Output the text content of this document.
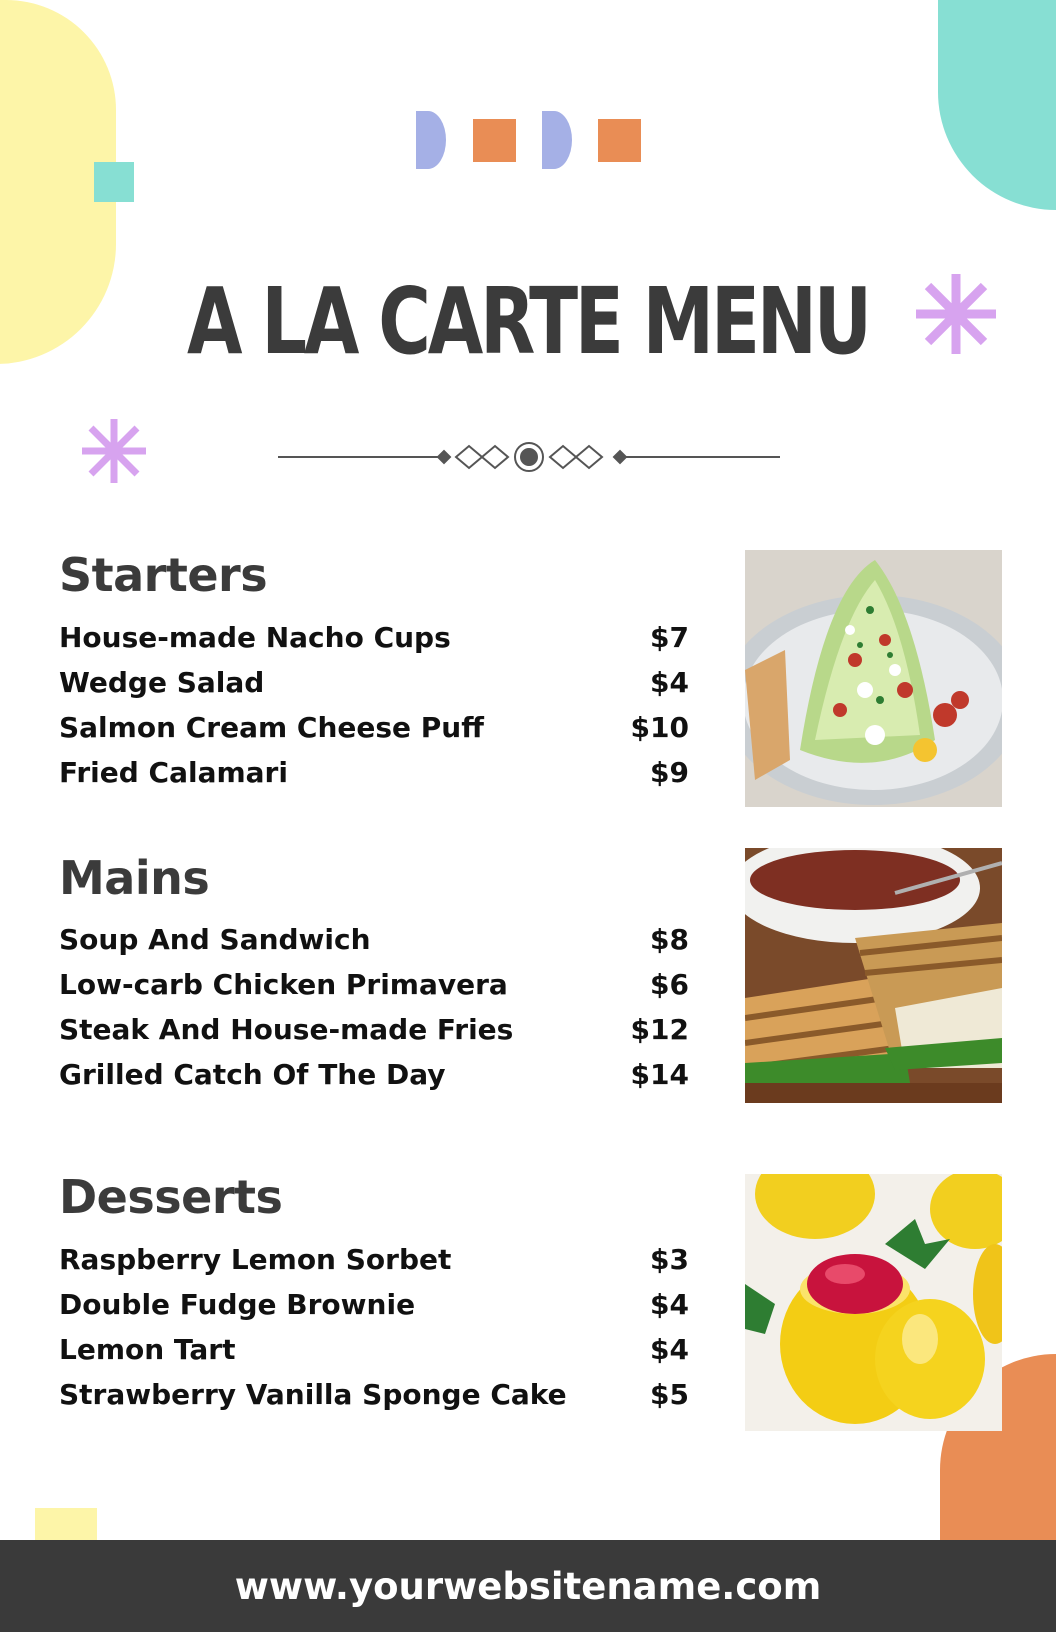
A LA CARTE MENU
Starters
House-made Nacho Cups	$7
Wedge Salad	$4
Salmon Cream Cheese Puff	$10
Fried Calamari	$9
Mains
Soup And Sandwich	$8
Low-carb Chicken Primavera	$6
Steak And House-made Fries	$12
Grilled Catch Of The Day	$14
Desserts
Raspberry Lemon Sorbet	$3
Double Fudge Brownie	$4
Lemon Tart	$4
Strawberry Vanilla Sponge Cake	$5
www.yourwebsitename.com
